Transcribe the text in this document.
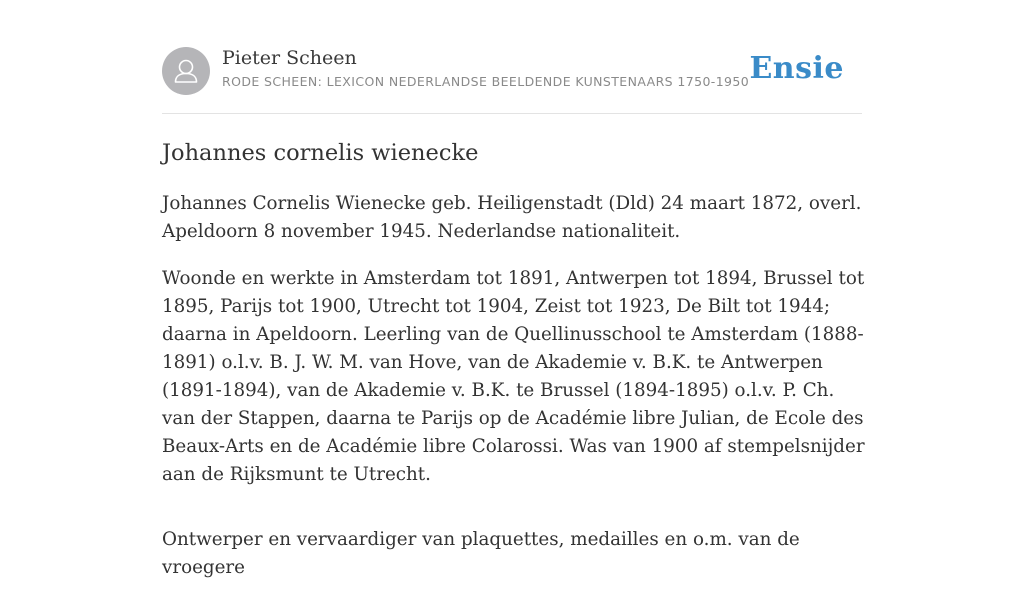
Pieter Scheen
RODE SCHEEN: LEXICON NEDERLANDSE BEELDENDE KUNSTENAARS 1750-1950 Ensie
Johannes cornelis wienecke

Johannes Cornelis Wienecke geb. Heiligenstadt (Dld) 24 maart 1872, overl. Apeldoorn 8 november 1945. Nederlandse nationaliteit.

Woonde en werkte in Amsterdam tot 1891, Antwerpen tot 1894, Brussel tot 1895, Parijs tot 1900, Utrecht tot 1904, Zeist tot 1923, De Bilt tot 1944; daarna in Apeldoorn. Leerling van de Quellinusschool te Amsterdam (1888-1891) o.l.v. B. J. W. M. van Hove, van de Akademie v. B.K. te Antwerpen (1891-1894), van de Akademie v. B.K. te Brussel (1894-1895) o.l.v. P. Ch. van der Stappen, daarna te Parijs op de Académie libre Julian, de Ecole des Beaux-Arts en de Académie libre Colarossi. Was van 1900 af stempelsnijder aan de Rijksmunt te Utrecht.

Ontwerper en vervaardiger van plaquettes, medailles en o.m. van de vroegere
